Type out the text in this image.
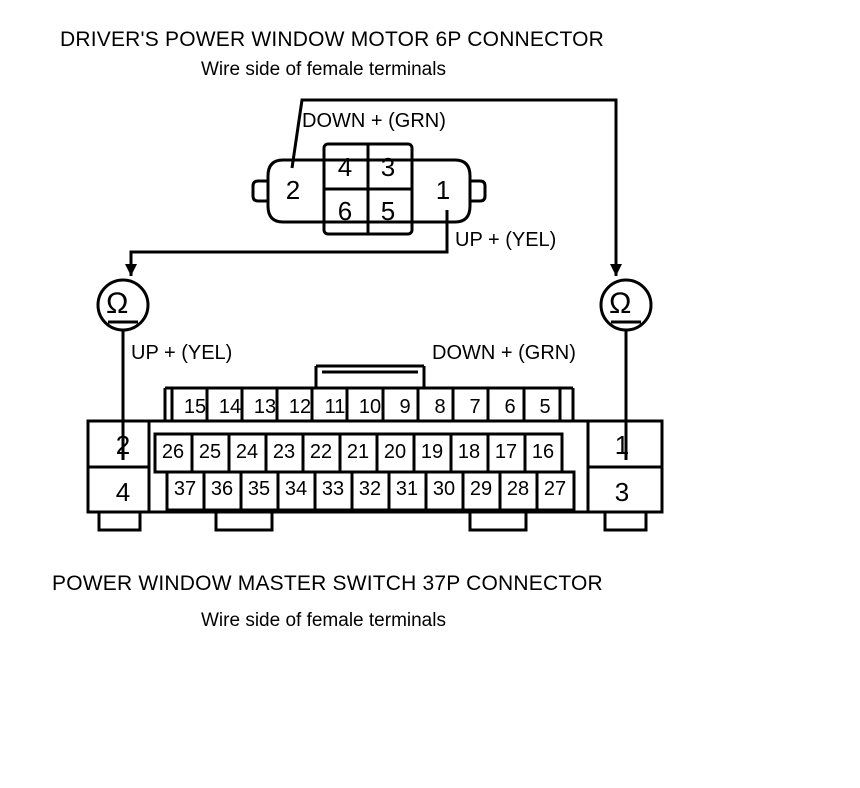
DRIVER'S POWER WINDOW MOTOR 6P CONNECTOR
Wire side of female terminals
POWER WINDOW MASTER SWITCH 37P CONNECTOR
Wire side of female terminals
DOWN + (GRN)
UP + (YEL)
UP + (YEL)	DOWN + (GRN)
Ω	Ω
2	1
4 3
6 5
2
4
1
3
15 14 13 12 11 10 9	8	7	6	5
26 25 24 23 22 21 20 19 18 17 16
37 36 35 34 33 32 31 30 29 28 27
